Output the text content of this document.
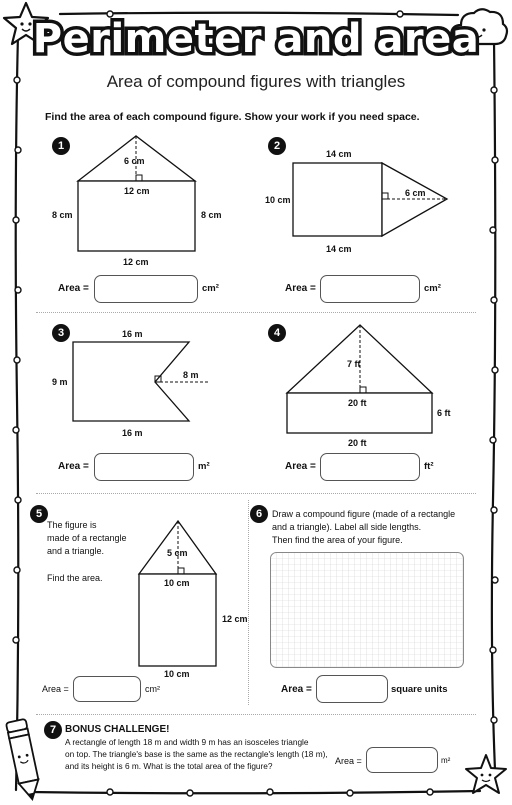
Perimeter and area
Area of compound figures with triangles
Find the area of each compound figure. Show your work if you need space.
1
6 cm
12 cm
8 cm	8 cm
12 cm
Area =	cm²
2
14 cm
10 cm
6 cm
14 cm
Area =	cm²
3	16 m
9 m
8 m
16 m
Area =	m²
4
7 ft
20 ft
6 ft
20 ft
Area =	ft²
5
The figure is
made of a rectangle
and a triangle.
Find the area.
5 cm
10 cm
12 cm
10 cm
Area =	cm²
6	Draw a compound figure (made of a rectangle
and a triangle). Label all side lengths.
Then find the area of your figure.
Area =	square units
7 BONUS CHALLENGE!
A rectangle of length 18 m and width 9 m has an isosceles triangle
on top. The triangle's base is the same as the rectangle's length (18 m),
and its height is 6 m. What is the total area of the figure?	Area =	m²
